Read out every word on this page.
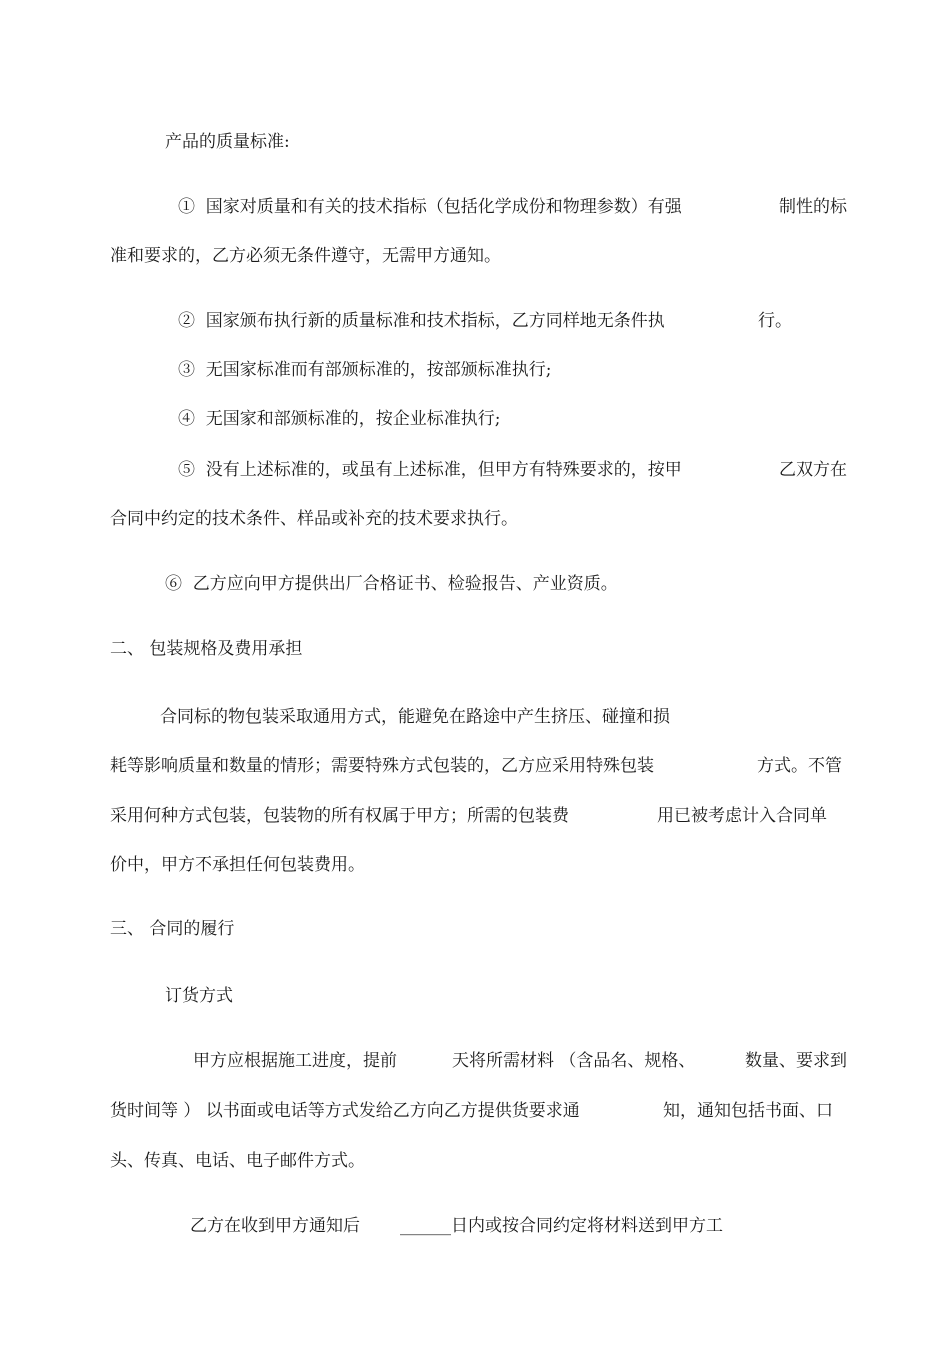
产品的质量标准:

①  国家对质量和有关的技术指标（包括化学成份和物理参数）有强	制性的标

准和要求的，乙方必须无条件遵守，无需甲方通知。

②  国家颁布执行新的质量标准和技术指标，乙方同样地无条件执	行。

③  无国家标准而有部颁标准的，按部颁标准执行;

④  无国家和部颁标准的，按企业标准执行;

⑤  没有上述标准的，或虽有上述标准，但甲方有特殊要求的，按甲	乙双方在

合同中约定的技术条件、样品或补充的技术要求执行。

⑥  乙方应向甲方提供出厂合格证书、检验报告、产业资质。

二、 包装规格及费用承担

合同标的物包装采取通用方式，能避免在路途中产生挤压、碰撞和损

耗等影响质量和数量的情形；需要特殊方式包装的，乙方应采用特殊包装	方式。不管

采用何种方式包装，包装物的所有权属于甲方；所需的包装费	用已被考虑计入合同单

价中，甲方不承担任何包装费用。

三、 合同的履行

订货方式

甲方应根据施工进度，提前	天将所需材料 （含品名、规格、	数量、要求到

货时间等 ） 以书面或电话等方式发给乙方向乙方提供货要求通	知，通知包括书面、口

头、传真、电话、电子邮件方式。

乙方在收到甲方通知后 ______日内或按合同约定将材料送到甲方工
